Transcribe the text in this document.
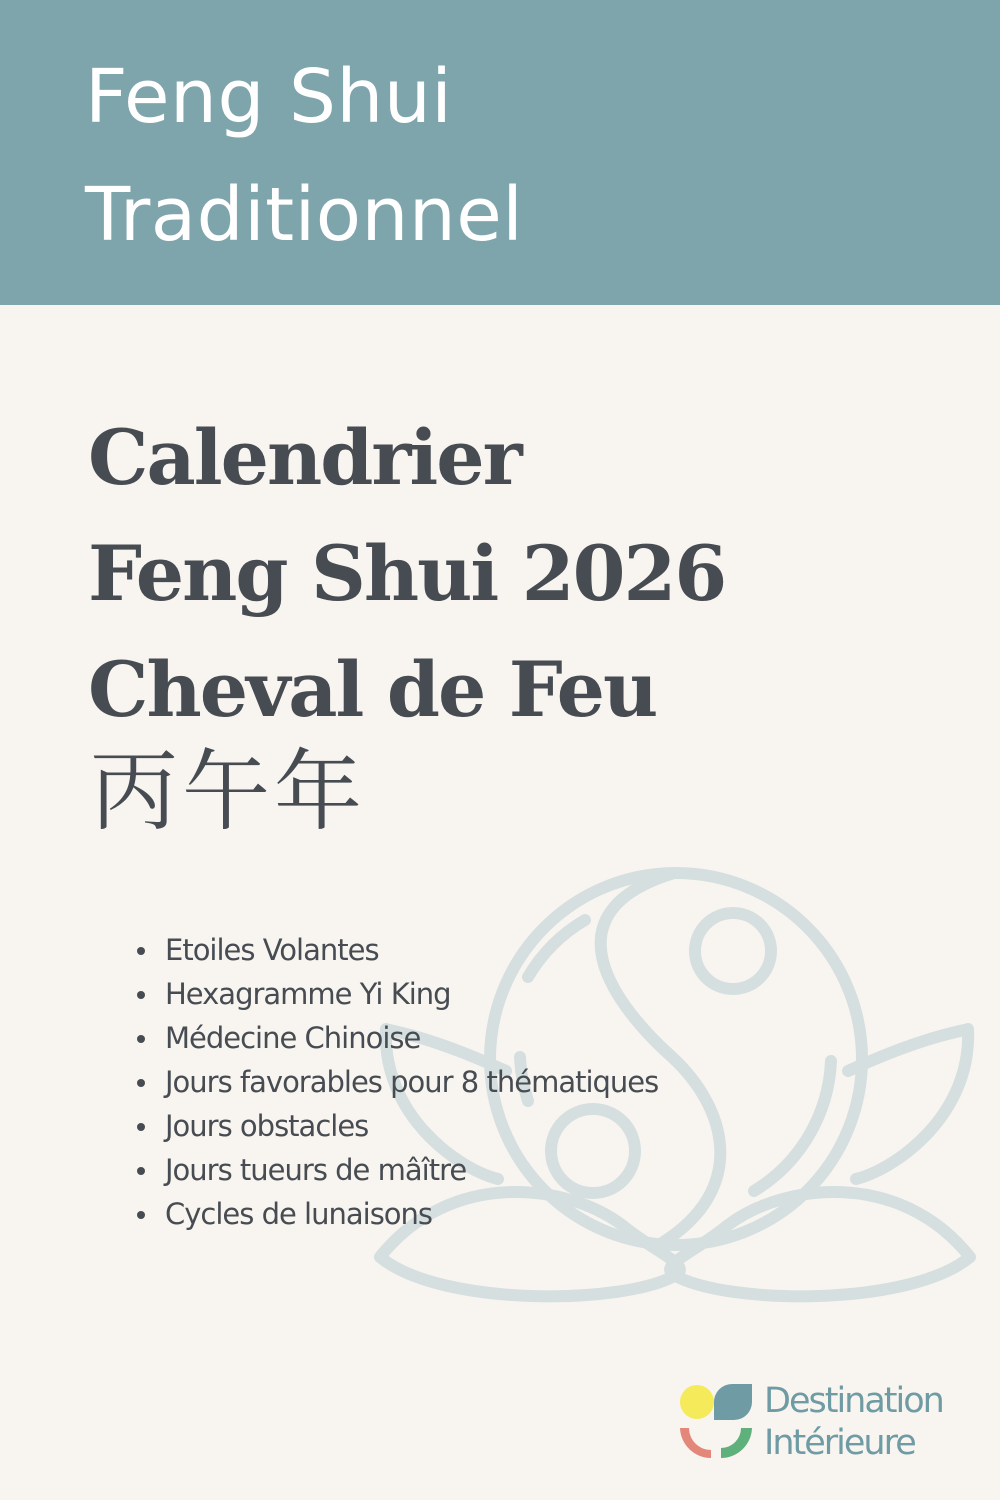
Feng Shui
Traditionnel
Calendrier
Feng Shui 2026
Cheval de Feu
丙午年
Etoiles Volantes
Hexagramme Yi King
Médecine Chinoise
Jours favorables pour 8 thématiques
Jours obstacles
Jours tueurs de mâître
Cycles de lunaisons
Destination
Intérieure
